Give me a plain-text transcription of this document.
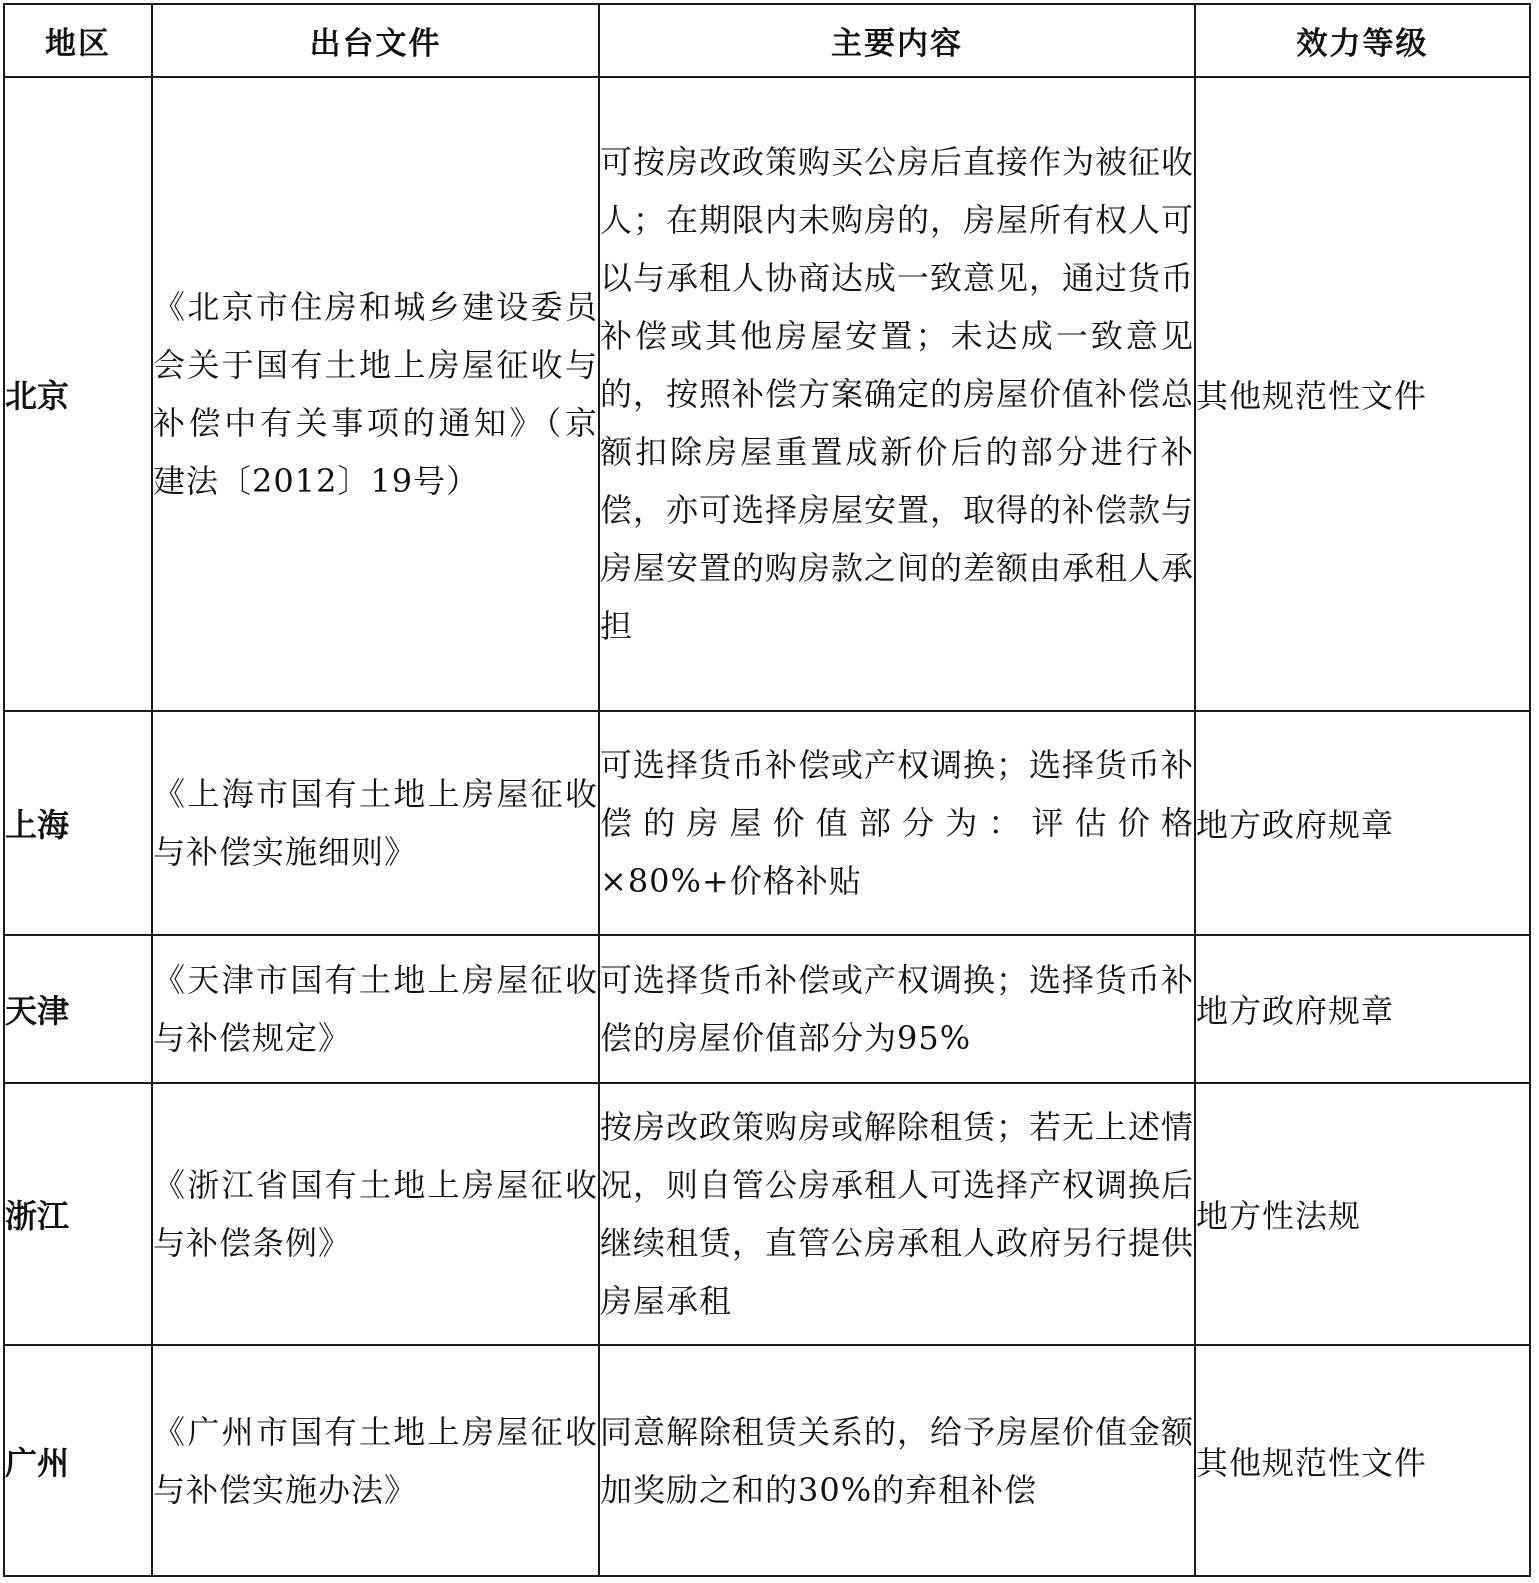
地区	出台文件	主要内容	效力等级
北京	《北京市住房和城乡建设委员会关于国有土地上房屋征收与补偿中有关事项的通知》（京建法〔2012〕19号）	可按房改政策购买公房后直接作为被征收人；在期限内未购房的，房屋所有权人可以与承租人协商达成一致意见，通过货币补偿或其他房屋安置；未达成一致意见的，按照补偿方案确定的房屋价值补偿总额扣除房屋重置成新价后的部分进行补偿，亦可选择房屋安置，取得的补偿款与房屋安置的购房款之间的差额由承租人承担	其他规范性文件
上海	《上海市国有土地上房屋征收与补偿实施细则》	可选择货币补偿或产权调换；选择货币补偿的房屋价值部分为：评估价格×80%+价格补贴	地方政府规章
天津	《天津市国有土地上房屋征收与补偿规定》	可选择货币补偿或产权调换；选择货币补偿的房屋价值部分为95%	地方政府规章
浙江	《浙江省国有土地上房屋征收与补偿条例》	按房改政策购房或解除租赁；若无上述情况，则自管公房承租人可选择产权调换后继续租赁，直管公房承租人政府另行提供房屋承租	地方性法规
广州	《广州市国有土地上房屋征收与补偿实施办法》	同意解除租赁关系的，给予房屋价值金额加奖励之和的30%的弃租补偿	其他规范性文件
